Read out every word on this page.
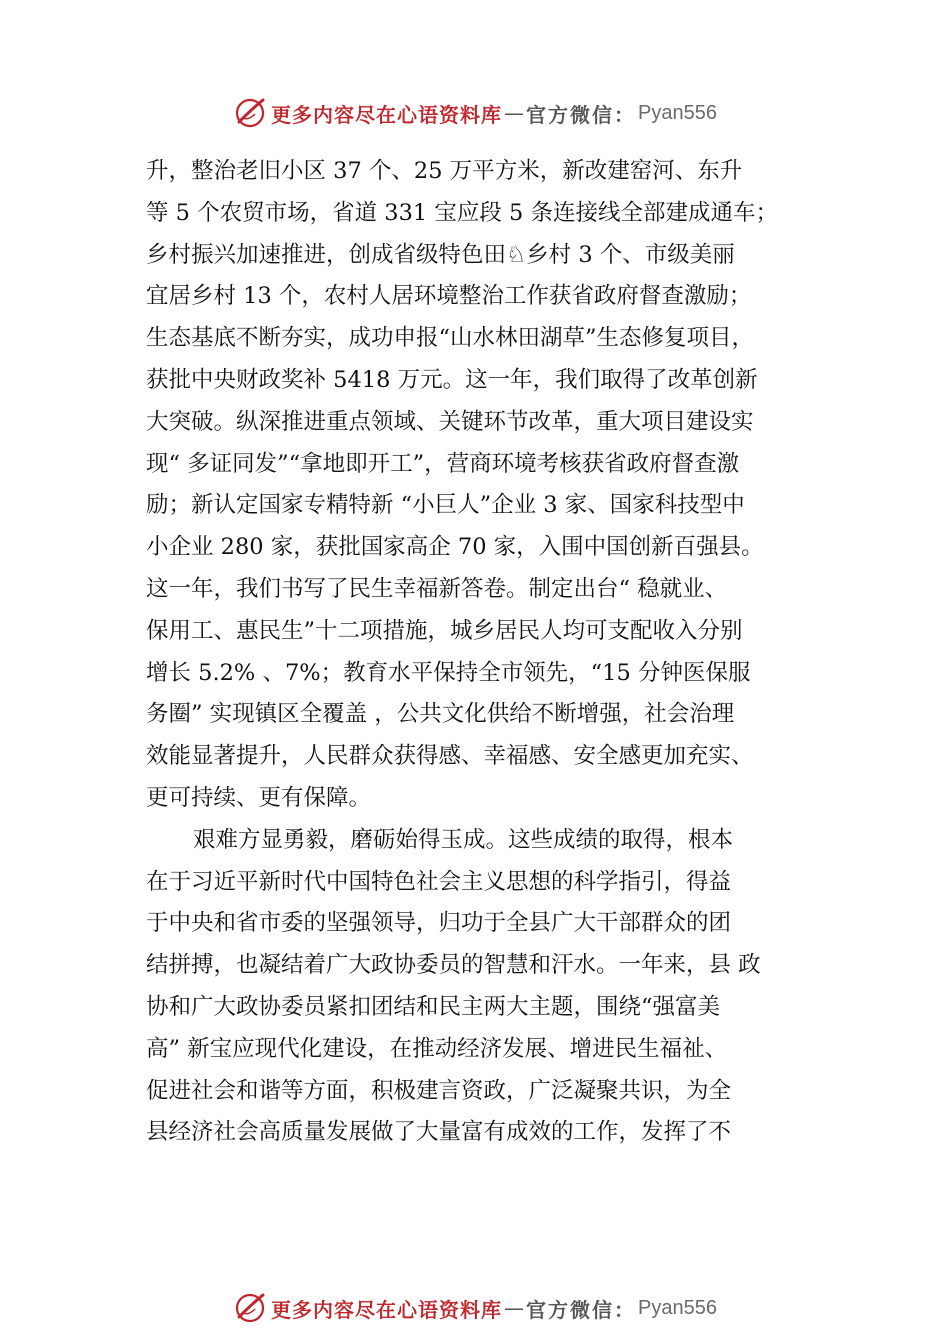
更多内容尽在心语资料库 — 官方微信： Pyan556
升，整治老旧小区 37 个、25 万平方米，新改建窑河、东升
等 5 个农贸市场，省道 331 宝应段 5 条连接线全部建成通车；
乡村振兴加速推进，创成省级特色田♘乡村 3 个、市级美丽
宜居乡村 13 个，农村人居环境整治工作获省政府督查激励；
生态基底不断夯实，成功申报“山水林田湖草”生态修复项目，
获批中央财政奖补 5418 万元。这一年，我们取得了改革创新
大突破。纵深推进重点领域、关键环节改革，重大项目建设实
现“ 多证同发”“拿地即开工”，营商环境考核获省政府督查激
励；新认定国家专精特新 “小巨人”企业 3 家、国家科技型中
小企业 280 家，获批国家高企 70 家，入围中国创新百强县。
这一年，我们书写了民生幸福新答卷。制定出台“ 稳就业、
保用工、惠民生”十二项措施，城乡居民人均可支配收入分别
增长 5.2% 、7%；教育水平保持全市领先，“15 分钟医保服
务圈” 实现镇区全覆盖 ，公共文化供给不断增强，社会治理
效能显著提升，人民群众获得感、幸福感、安全感更加充实、
更可持续、更有保障。
艰难方显勇毅，磨砺始得玉成。这些成绩的取得，根本
在于习近平新时代中国特色社会主义思想的科学指引，得益
于中央和省市委的坚强领导，归功于全县广大干部群众的团
结拼搏，也凝结着广大政协委员的智慧和汗水。一年来，县 政
协和广大政协委员紧扣团结和民主两大主题，围绕“强富美
高” 新宝应现代化建设，在推动经济发展、增进民生福祉、
促进社会和谐等方面，积极建言资政，广泛凝聚共识，为全
县经济社会高质量发展做了大量富有成效的工作，发挥了不
更多内容尽在心语资料库 — 官方微信： Pyan556
